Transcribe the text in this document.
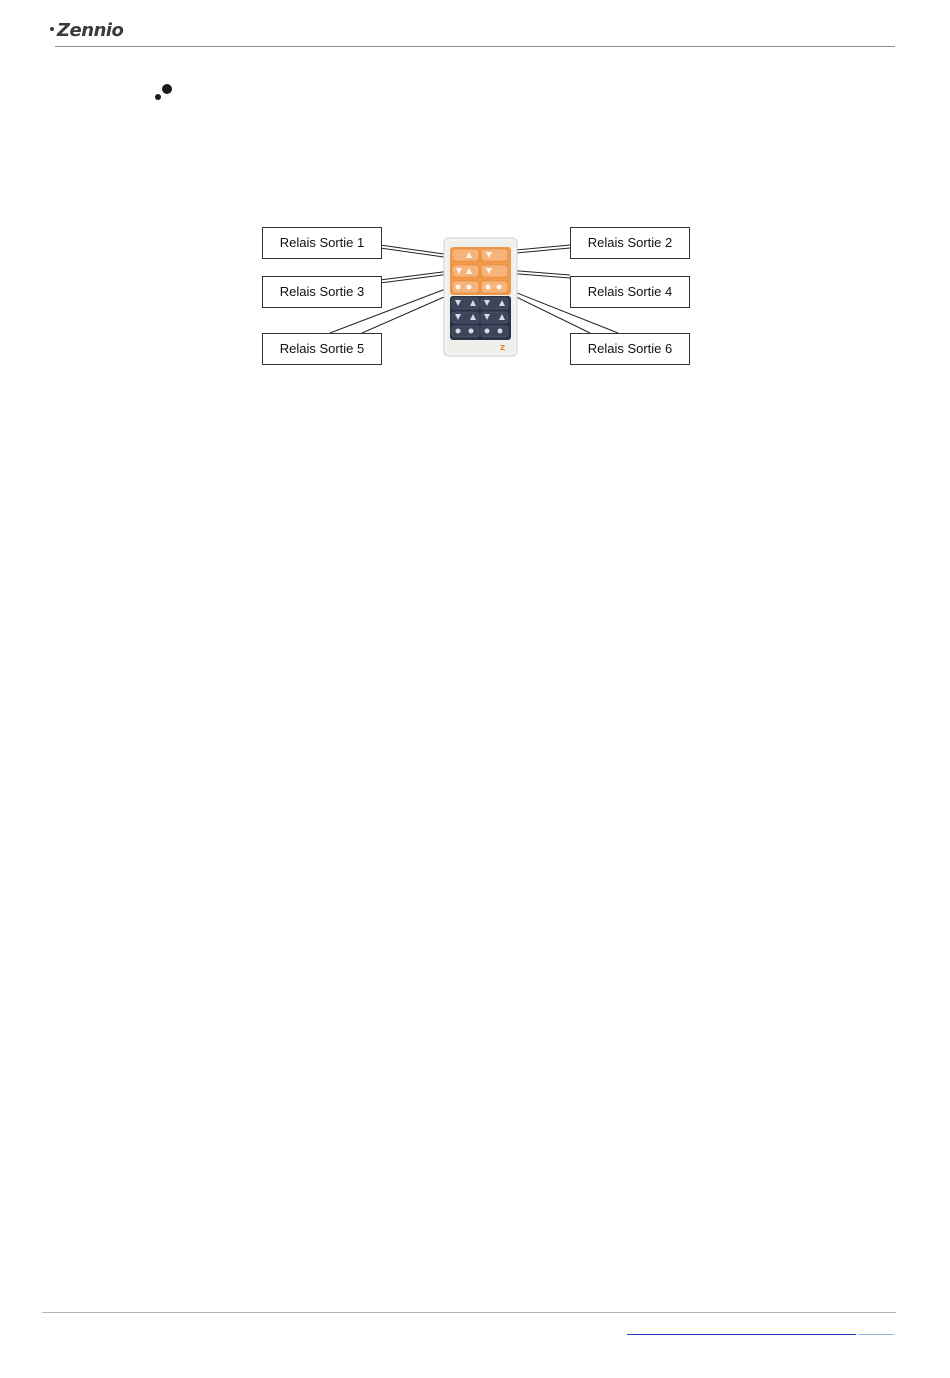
Zennio
Z
Relais Sortie 1	Relais Sortie 2
Relais Sortie 3	Relais Sortie 4
Relais Sortie 5	Relais Sortie 6
